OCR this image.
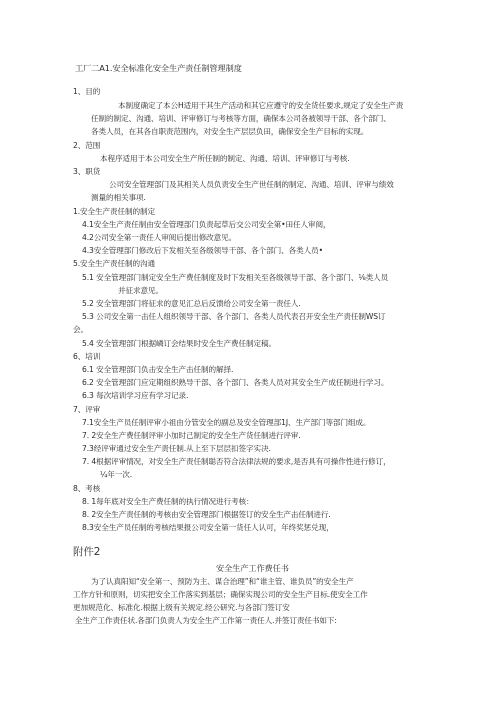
工厂二A1.安全标准化安全生产责任制管理制度
1、目的
本制度确定了本公H适用干其生产活动和其它应遵守的安全货任要求,规定了安全生产责
任制的制定、沟通、培训、评审修订与考核等方面，确保本公司各被领导干部、各个部门、
各类人员，在其各自职责范围内，对安全生产层层负田，确保安全生产目标的实现。
2、范围
本程序适用于本公司安全生产所任制的制定、沟通、培训、评审修订与考核.
3、职货
公司安全管理部门及其相关人员负责安全生产世任制的制定、沟通、培训、评审与绩效
测量的相关事项.
1.安全生产责任制的制定
4.1安全生产责任制由安全管理部门负责起草后交公司安全第•田任人审阅，
4.2公司安全第一责任人审阅后提出修改意见。
4.3安全管理部门修改后下发相关至各级领导干部、各个部门、各类人员•
5.安全生产责任制的沟通
5.1 安全管理部门制定安全生产费任制度及时下发相关至各级领导干部、各个部门、⅛类人员
并征求意见。
5.2 安全管理部门将征求的意见汇总后反馈给公司安全第一责任人.
5.3 公司安全第一击任人组织领导干部、各个部门、各类人员代表召开安全生产责任制WS订
会。
5.4 安全管理部门根据嶙订会结果时安全生产费任制定稿。
6、培训
6.1 安全管理部门负击安全生产击任制的解择.
6.2 安全管理部门应定期组织熟导干部、各个部门、各类人员对其安全生产成任制进行学习。
6.3 每次培训学习应有学习记录.
7、评审
7.1安全生产员任制评审小祖由分管安全的副总及安全管理部1J、生产部门等部门组成。
7. 2安全生产费任制评审小加时己制定的安全生产货任制进行评审.
7.3经评审通过安全生产责任制.从上至下层层扣签字实决.
7. 4根据评审情况，对安全生产责任制聪否符合法律法规的要求,是否具有可操作性进行修订，
¼年一次.
8、考核
8. 1每年底对安全生产费任制的执行情况进行考核：
8. 2安全生产责任制的考核由安全管理部门根据签订的安全生产击任制进行.
8.3安全生产员任制的考核结果报公司安全第一货任人认可，年终奖惩兑现，
附件2
安全生产工作费任书
为了认真阳知“安全第一、预防为主、谋合治理”和“谁主管、谁负员”的安全生产
工作方针和原则，切实把安全工作落实到基层；确保实现公司的安全生产目标.使安全工作
更加规范化、标准化.根据上级有关规定.经公研究.与各部门签订安
全生产工作责任状.各部门负责人为安全生产工作第一责任人.并签订责任书如下:
